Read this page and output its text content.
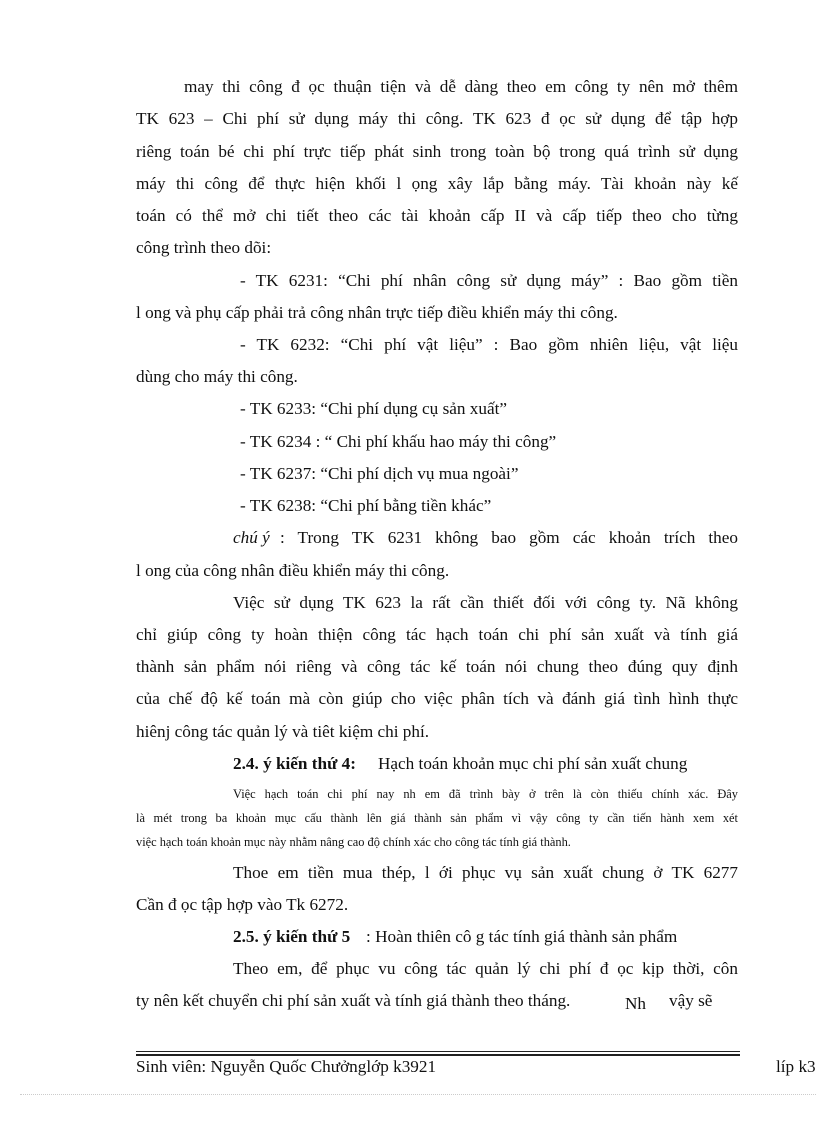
may thi công đ ọc thuận tiện và dễ dàng theo em công ty nên mở thêm
TK 623 – Chi phí sử dụng máy thi công. TK 623 đ ọc sử dụng để tập hợp
riêng toán bé chi phí trực tiếp phát sinh trong toàn bộ trong quá trình sử dụng
máy thi công để thực hiện khối l ọng xây lắp bằng máy. Tài khoản này kế
toán có thể mở chi tiết theo các tài khoản cấp II và cấp tiếp theo cho từng
công trình theo dõi:
- TK 6231: “Chi phí nhân công sử dụng máy” : Bao gồm tiền
l ong và phụ cấp phải trả công nhân trực tiếp điều khiển máy thi công.
- TK 6232: “Chi phí vật liệu” : Bao gồm nhiên liệu, vật liệu
dùng cho máy thi công.
- TK 6233: “Chi phí dụng cụ sản xuất”
- TK 6234 : “ Chi phí khấu hao máy thi công”
- TK 6237: “Chi phí dịch vụ mua ngoài”
- TK 6238: “Chi phí bằng tiền khác”
chú ý : Trong TK 6231 không bao gồm các khoản trích theo
l ong của công nhân điều khiển máy thi công.
Việc sử dụng TK 623 la rất cần thiết đối với công ty. Nã không
chỉ giúp công ty hoàn thiện công tác hạch toán chi phí sản xuất và tính giá
thành sản phẩm nói riêng và công tác kế toán nói chung theo đúng quy định
của chế độ kế toán mà còn giúp cho việc phân tích và đánh giá tình hình thực
hiênj công tác quản lý và tiêt kiệm chi phí.
2.4. ý kiến thứ 4: Hạch toán khoản mục chi phí sản xuất chung
Việc hạch toán chi phí nay nh em đã trình bày ở trên là còn thiếu chính xác. Đây
là mét trong ba khoản mục cấu thành lên giá thành sản phẩm vì vậy công ty cần tiến hành xem xét
việc hạch toán khoản mục này nhằm nâng cao độ chính xác cho công tác tính giá thành.
Thoe em tiền mua thép, l ới phục vụ sản xuất chung ở TK 6277
Cần đ ọc tập hợp vào Tk 6272.
2.5. ý kiến thứ 5 : Hoàn thiên cô g tác tính giá thành sản phẩm
Theo em, để phục vu công tác quản lý chi phí đ ọc kịp thời, côn
ty nên kết chuyển chi phí sản xuất và tính giá thành theo tháng.	Nh vậy sẽ
Sinh viên: Nguyễn Quốc Chưởnglớp k3921	líp k3
